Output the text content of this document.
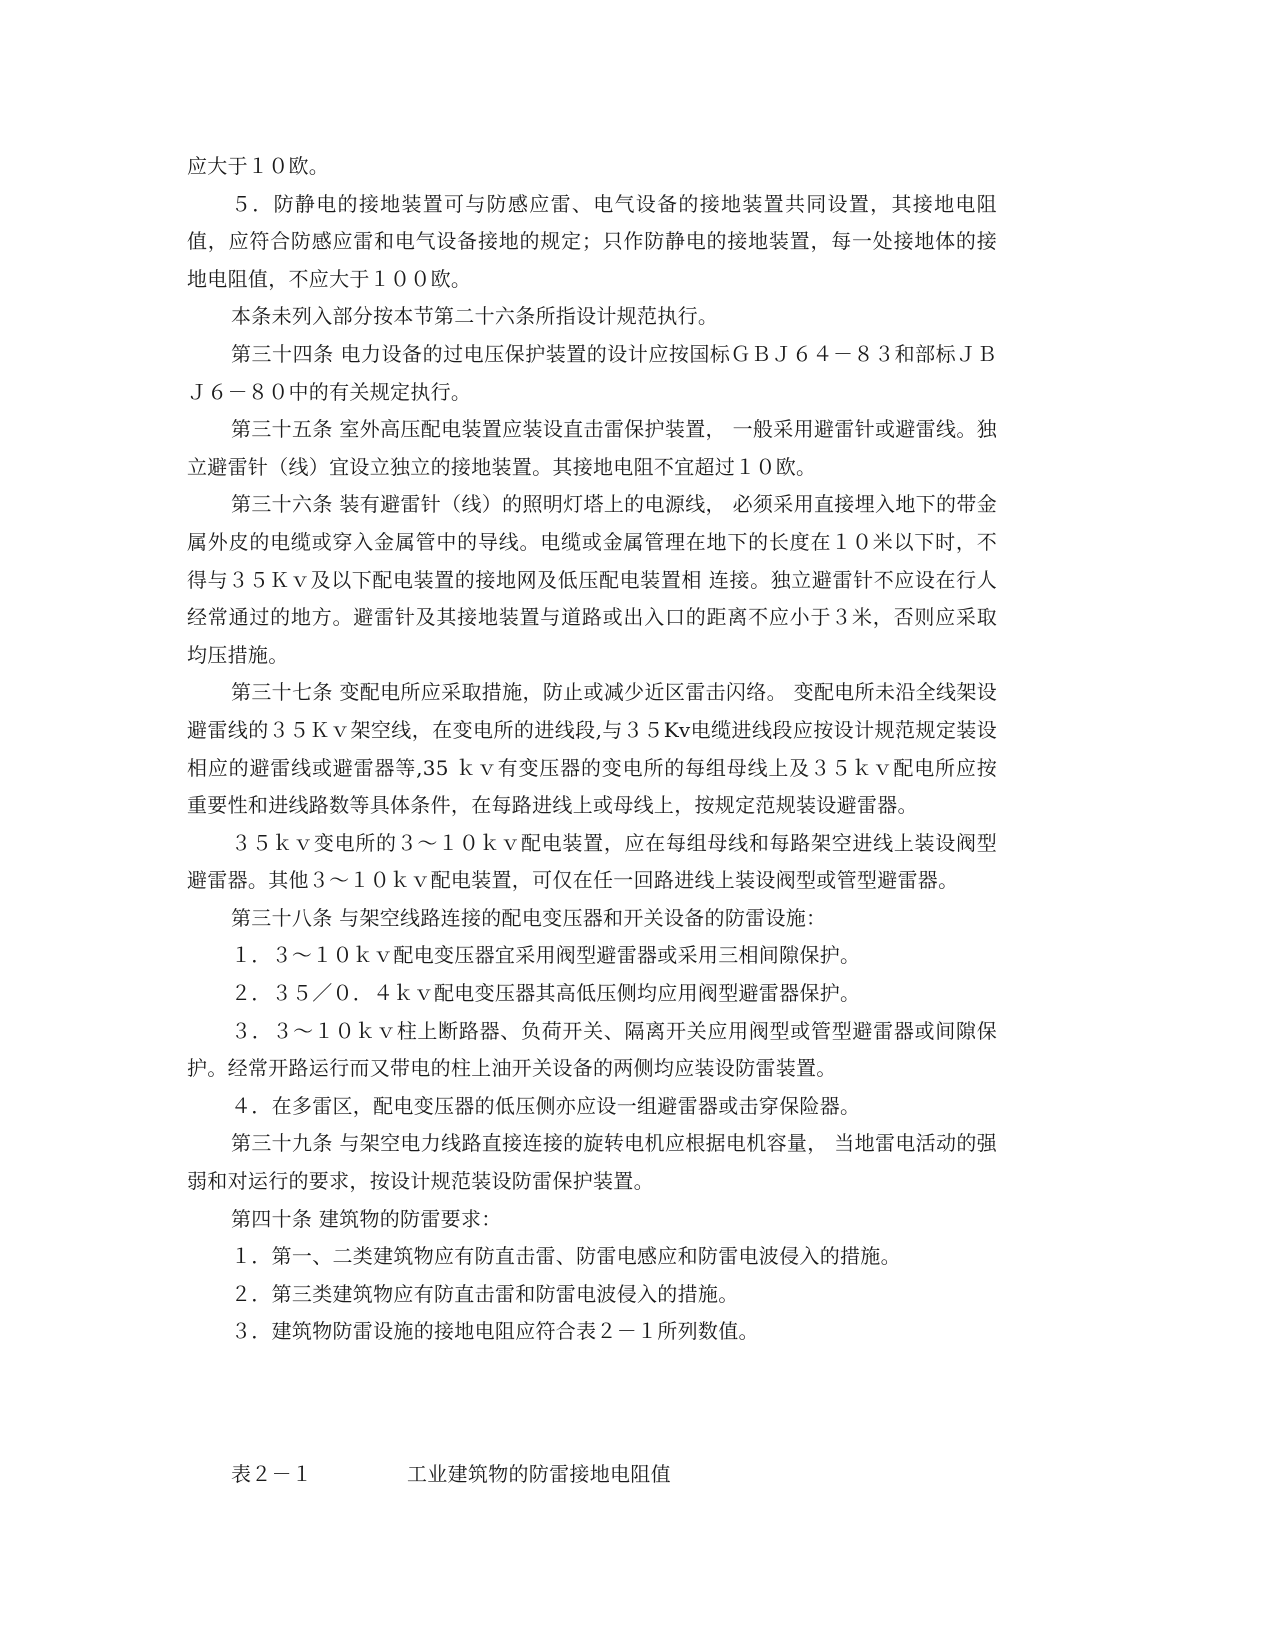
应大于１０欧。

５．防静电的接地装置可与防感应雷、电气设备的接地装置共同设置，其接地电阻值，应符合防感应雷和电气设备接地的规定；只作防静电的接地装置，每一处接地体的接地电阻值，不应大于１００欧。

本条未列入部分按本节第二十六条所指设计规范执行。

第三十四条 电力设备的过电压保护装置的设计应按国标ＧＢＪ６４－８３和部标ＪＢＪ６－８０中的有关规定执行。

第三十五条 室外高压配电装置应装设直击雷保护装置， 一般采用避雷针或避雷线。独立避雷针（线）宜设立独立的接地装置。其接地电阻不宜超过１０欧。

第三十六条 装有避雷针（线）的照明灯塔上的电源线， 必须采用直接埋入地下的带金属外皮的电缆或穿入金属管中的导线。电缆或金属管理在地下的长度在１０米以下时，不得与３５Ｋｖ及以下配电装置的接地网及低压配电装置相 连接。独立避雷针不应设在行人经常通过的地方。避雷针及其接地装置与道路或出入口的距离不应小于３米，否则应采取均压措施。

第三十七条 变配电所应采取措施，防止或减少近区雷击闪络。 变配电所未沿全线架设避雷线的３５Ｋｖ架空线，在变电所的进线段,与３５Kv电缆进线段应按设计规范规定装设相应的避雷线或避雷器等,35 ｋｖ有变压器的变电所的每组母线上及３５ｋｖ配电所应按重要性和进线路数等具体条件，在每路进线上或母线上，按规定范规装设避雷器。

３５ｋｖ变电所的３～１０ｋｖ配电装置，应在每组母线和每路架空进线上装设阀型避雷器。其他３～１０ｋｖ配电装置，可仅在任一回路进线上装设阀型或管型避雷器。

第三十八条 与架空线路连接的配电变压器和开关设备的防雷设施：

１．３～１０ｋｖ配电变压器宜采用阀型避雷器或采用三相间隙保护。

２．３５／０．４ｋｖ配电变压器其高低压侧均应用阀型避雷器保护。

３．３～１０ｋｖ柱上断路器、负荷开关、隔离开关应用阀型或管型避雷器或间隙保护。经常开路运行而又带电的柱上油开关设备的两侧均应装设防雷装置。

４．在多雷区，配电变压器的低压侧亦应设一组避雷器或击穿保险器。

第三十九条 与架空电力线路直接连接的旋转电机应根据电机容量， 当地雷电活动的强弱和对运行的要求，按设计规范装设防雷保护装置。

第四十条 建筑物的防雷要求：

１．第一、二类建筑物应有防直击雷、防雷电感应和防雷电波侵入的措施。

２．第三类建筑物应有防直击雷和防雷电波侵入的措施。

３．建筑物防雷设施的接地电阻应符合表２－１所列数值。

表２－１	工业建筑物的防雷接地电阻值
